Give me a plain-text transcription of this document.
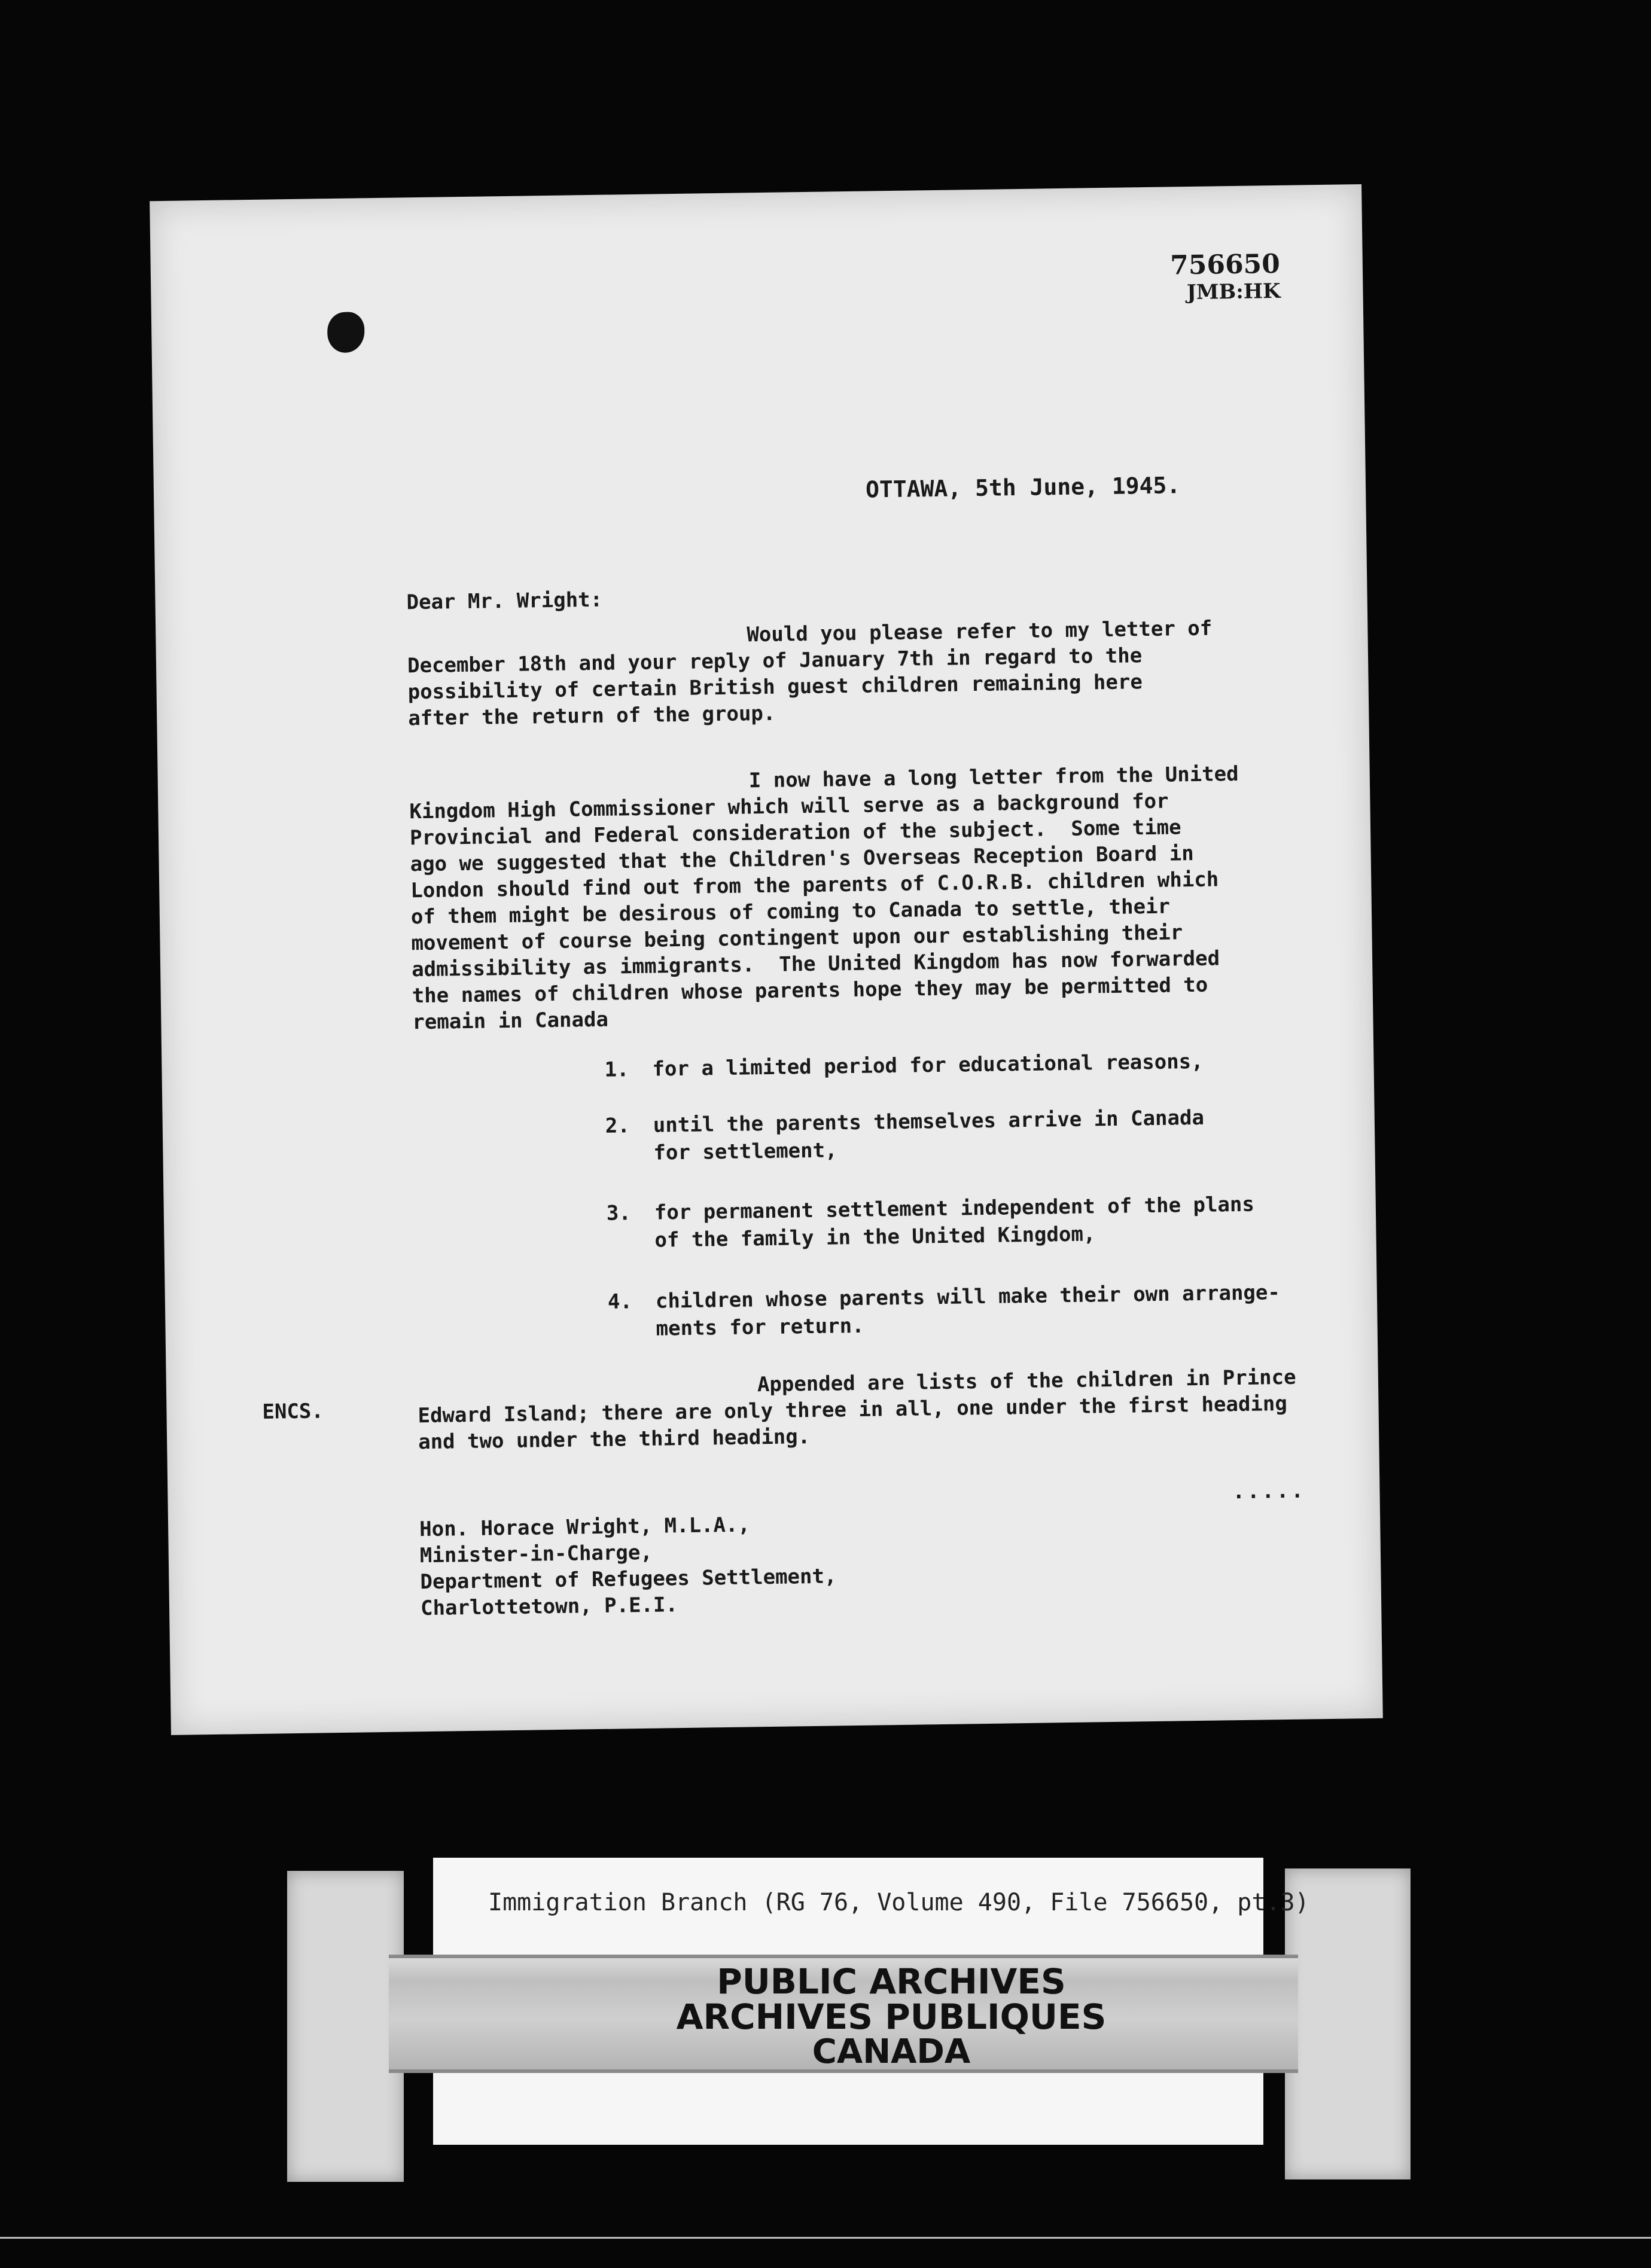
756650
JMB:HK
OTTAWA, 5th June, 1945.
Dear Mr. Wright:
Would you please refer to my letter of
December 18th and your reply of January 7th in regard to the
possibility of certain British guest children remaining here
after the return of the group.
I now have a long letter from the United
Kingdom High Commissioner which will serve as a background for
Provincial and Federal consideration of the subject.  Some time
ago we suggested that the Children's Overseas Reception Board in
London should find out from the parents of C.O.R.B. children which
of them might be desirous of coming to Canada to settle, their
movement of course being contingent upon our establishing their
admissibility as immigrants.  The United Kingdom has now forwarded
the names of children whose parents hope they may be permitted to
remain in Canada
1. for a limited period for educational reasons,
2. until the parents themselves arrive in Canada
for settlement,
3. for permanent settlement independent of the plans
of the family in the United Kingdom,
4. children whose parents will make their own arrange-
ments for return.
ENCS.
Appended are lists of the children in Prince
Edward Island; there are only three in all, one under the first heading
and two under the third heading.
.....
Hon. Horace Wright, M.L.A.,
Minister-in-Charge,
Department of Refugees Settlement,
Charlottetown, P.E.I.
Immigration Branch (RG 76, Volume 490, File 756650, pt.3)
PUBLIC ARCHIVES
ARCHIVES PUBLIQUES
CANADA
